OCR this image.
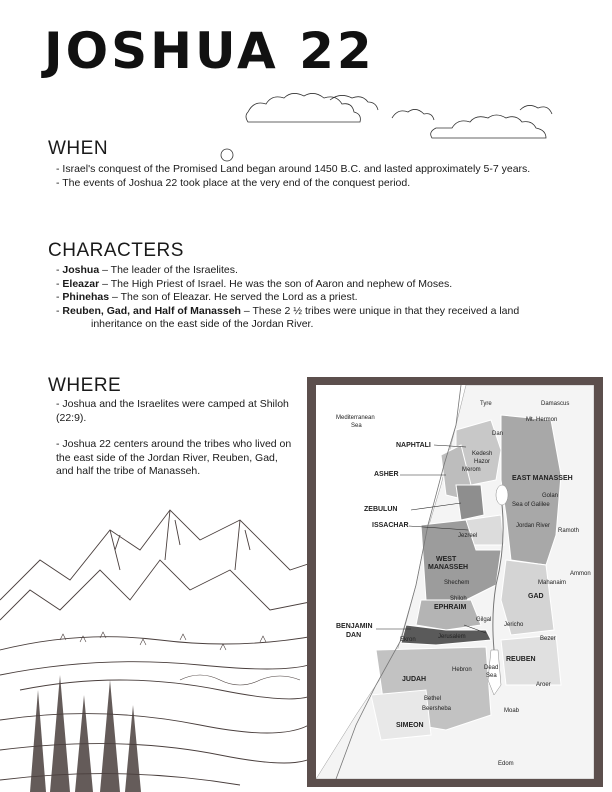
JOSHUA 22
WHEN
- Israel's conquest of the Promised Land began around 1450 B.C. and lasted approximately 5-7 years.
- The events of Joshua 22 took place at the very end of the conquest period.
CHARACTERS
- Joshua – The leader of the Israelites.
- Eleazar – The High Priest of Israel. He was the son of Aaron and nephew of Moses.
- Phinehas – The son of Eleazar. He served the Lord as a priest.
- Reuben, Gad, and Half of Manasseh – These 2 ½ tribes were unique in that they received a land
inheritance on the east side of the Jordan River.
WHERE

- Joshua and the Israelites were camped at Shiloh (22:9).

- Joshua 22 centers around the tribes who lived on the east side of the Jordan River, Reuben, Gad, and half the tribe of Manasseh.

Tyre	Damascus
Mediterranean
Sea
Mt. Hermon
Dan
NAPHTALI
Kedesh
Hazor
ASHER
Merom
EAST MANASSEH
Golan
Sea of Galilee
ZEBULUN
ISSACHAR
Jezreel
Jordan River
Ramoth
WEST
MANASSEH
Ammon
Shechem	Mahanaim
GAD
Shiloh
EPHRAIM
BENJAMIN
DAN
Gilgal
Jericho
Ekron	Jerusalem	Bezer
REUBEN
Hebron Dead
Sea
JUDAH
Aroer
Bethel
Beersheba	Moab
SIMEON
Edom
